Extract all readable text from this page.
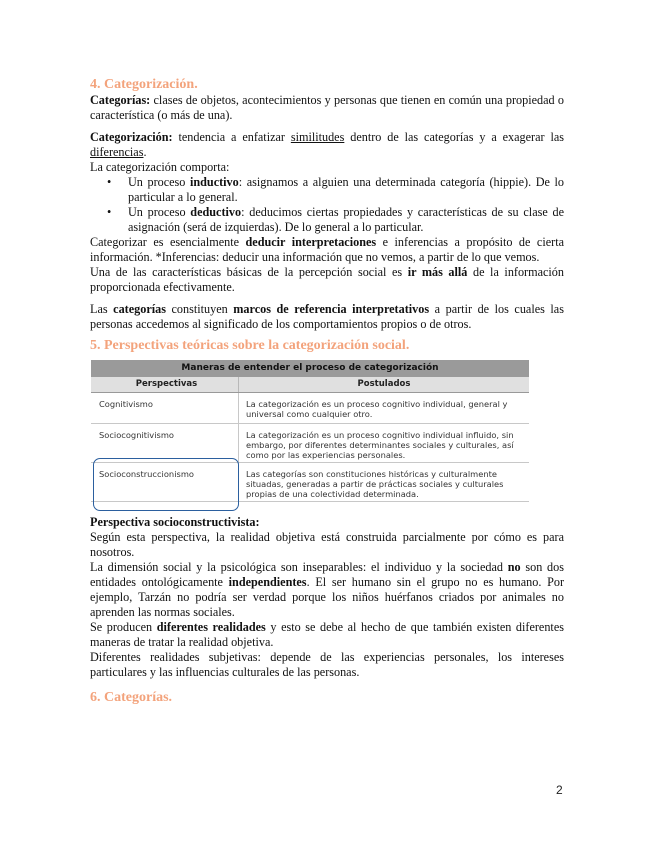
4. Categorización.

Categorías: clases de objetos, acontecimientos y personas que tienen en común una propiedad o característica (o más de una).

Categorización: tendencia a enfatizar similitudes dentro de las categorías y a exagerar las diferencias.

La categorización comporta:

• Un proceso inductivo: asignamos a alguien una determinada categoría (hippie). De lo particular a lo general.
• Un proceso deductivo: deducimos ciertas propiedades y características de su clase de asignación (será de izquierdas). De lo general a lo particular.

Categorizar es esencialmente deducir interpretaciones e inferencias a propósito de cierta información. *Inferencias: deducir una información que no vemos, a partir de lo que vemos.

Una de las características básicas de la percepción social es ir más allá de la información proporcionada efectivamente.

Las categorías constituyen marcos de referencia interpretativos a partir de los cuales las personas accedemos al significado de los comportamientos propios o de otros.

5. Perspectivas teóricas sobre la categorización social.
Maneras de entender el proceso de categorización
Perspectivas	Postulados
Cognitivismo	La categorización es un proceso cognitivo individual, general y universal como cualquier otro.
Sociocognitivismo	La categorización es un proceso cognitivo individual influido, sin embargo, por diferentes determinantes sociales y culturales, así como por las experiencias personales.
Socioconstruccionismo	Las categorías son constituciones históricas y culturalmente situadas, generadas a partir de prácticas sociales y culturales propias de una colectividad determinada.

Perspectiva socioconstructivista:

Según esta perspectiva, la realidad objetiva está construida parcialmente por cómo es para nosotros.

La dimensión social y la psicológica son inseparables: el individuo y la sociedad no son dos entidades ontológicamente independientes. El ser humano sin el grupo no es humano. Por ejemplo, Tarzán no podría ser verdad porque los niños huérfanos criados por animales no aprenden las normas sociales.

Se producen diferentes realidades y esto se debe al hecho de que también existen diferentes maneras de tratar la realidad objetiva.

Diferentes realidades subjetivas: depende de las experiencias personales, los intereses particulares y las influencias culturales de las personas.

6. Categorías.
2
